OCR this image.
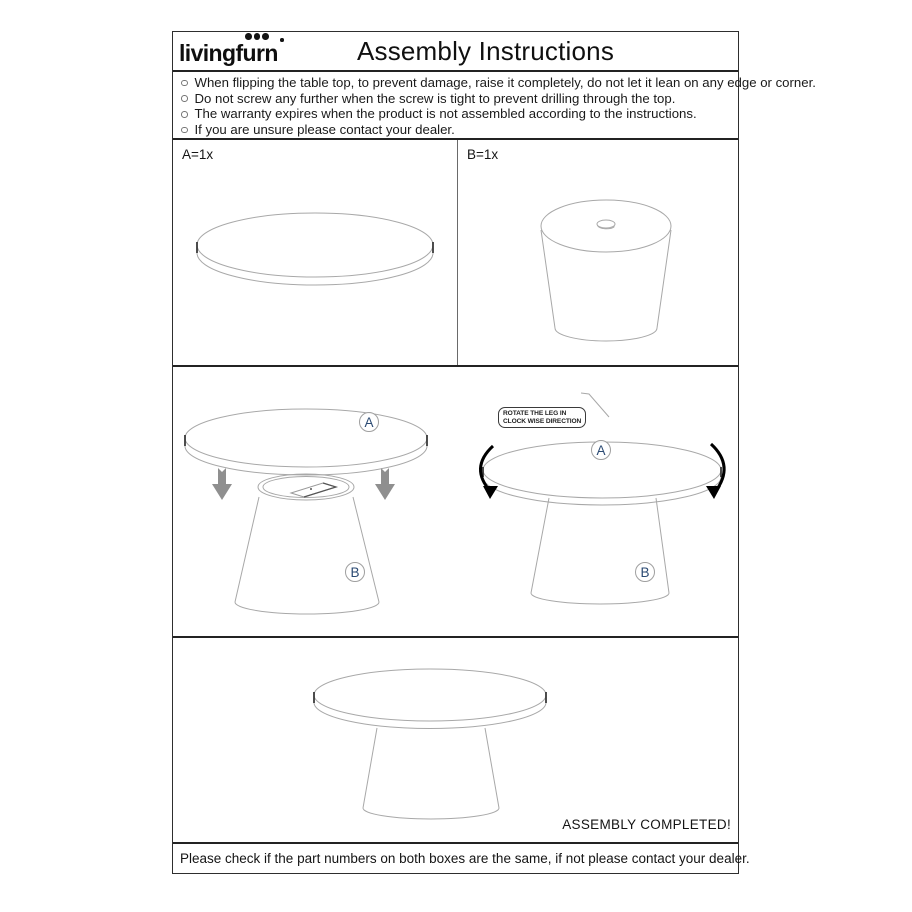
livingfurn	Assembly Instructions
When flipping the table top, to prevent damage, raise it completely, do not let it lean on any edge or corner.
Do not screw any further when the screw is tight to prevent drilling through the top.
The warranty expires when the product is not assembled according to the instructions.
If you are unsure please contact your dealer.
A=1x	B=1x
A
B
ROTATE THE LEG IN
CLOCK WISE DIRECTION
A
B
ASSEMBLY COMPLETED!
Please check if the part numbers on both boxes are the same, if not please contact your dealer.
